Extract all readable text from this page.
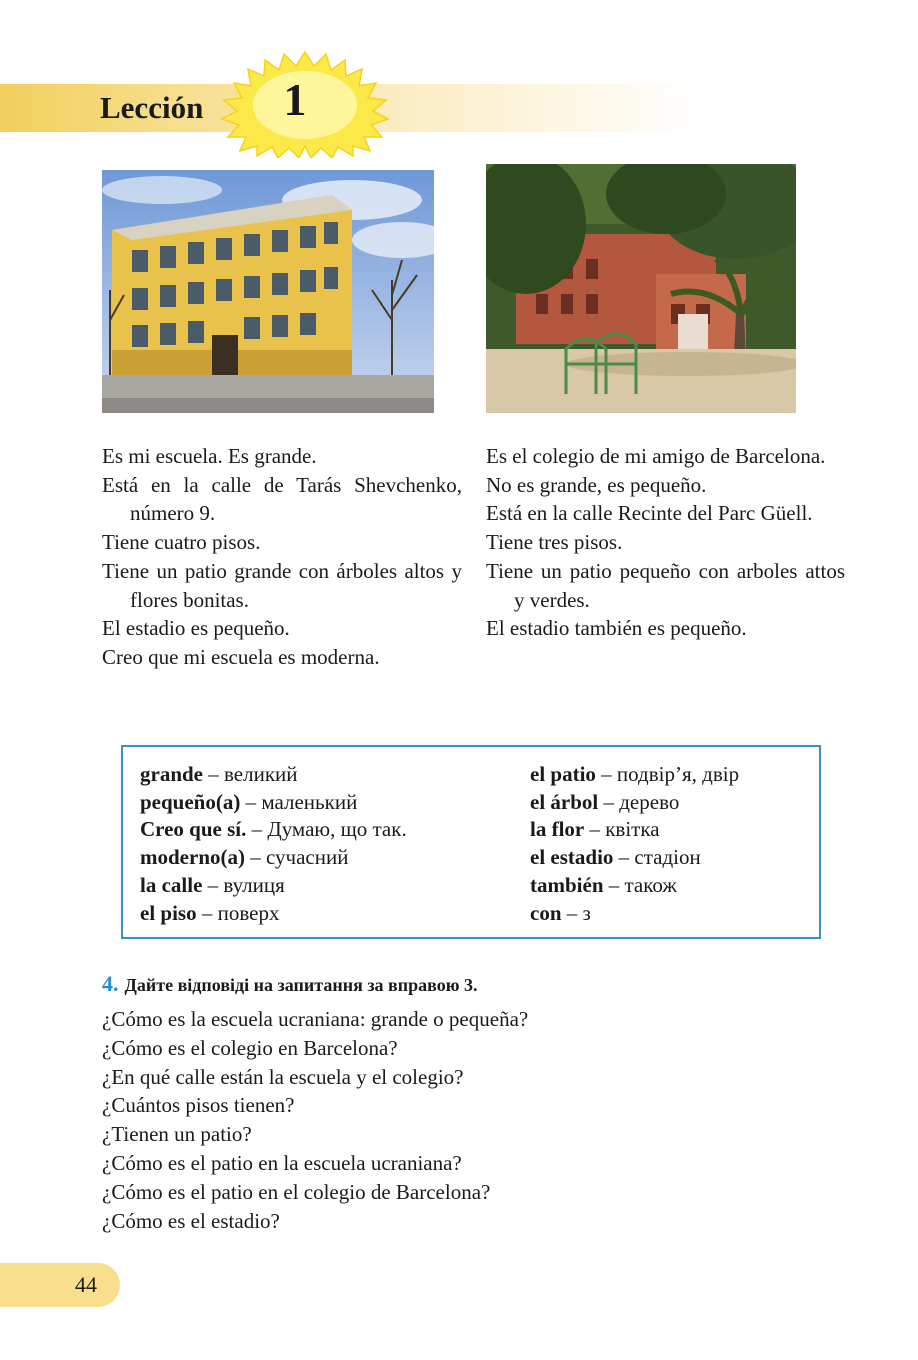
Lección	1

Es mi escuela. Es grande.

Está en la calle de Tarás Shevchenko, número 9.

Tiene cuatro pisos.

Tiene un patio grande con árboles altos y flores bonitas.

El estadio es pequeño.

Creo que mi escuela es moderna.

Es el colegio de mi amigo de Barcelona.

No es grande, es pequeño.

Está en la calle Recinte del Parc Güell.

Tiene tres pisos.

Tiene un patio pequeño con arboles attos y verdes.

El estadio también es pequeño.

grande – великий
pequeño(a) – маленький
Creo que sí. – Думаю, що так.
moderno(a) – сучасний
la calle – вулиця
el piso – поверх
el patio – подвір’я, двір
el árbol – дерево
la flor – квітка
el estadio – стадіон
también – також
con – з
4. Дайте відповіді на запитання за вправою 3.

¿Cómo es la escuela ucraniana: grande o pequeña?

¿Cómo es el colegio en Barcelona?

¿En qué calle están la escuela y el colegio?

¿Cuántos pisos tienen?

¿Tienen un patio?

¿Cómo es el patio en la escuela ucraniana?

¿Cómo es el patio en el colegio de Barcelona?

¿Cómo es el estadio?

44
